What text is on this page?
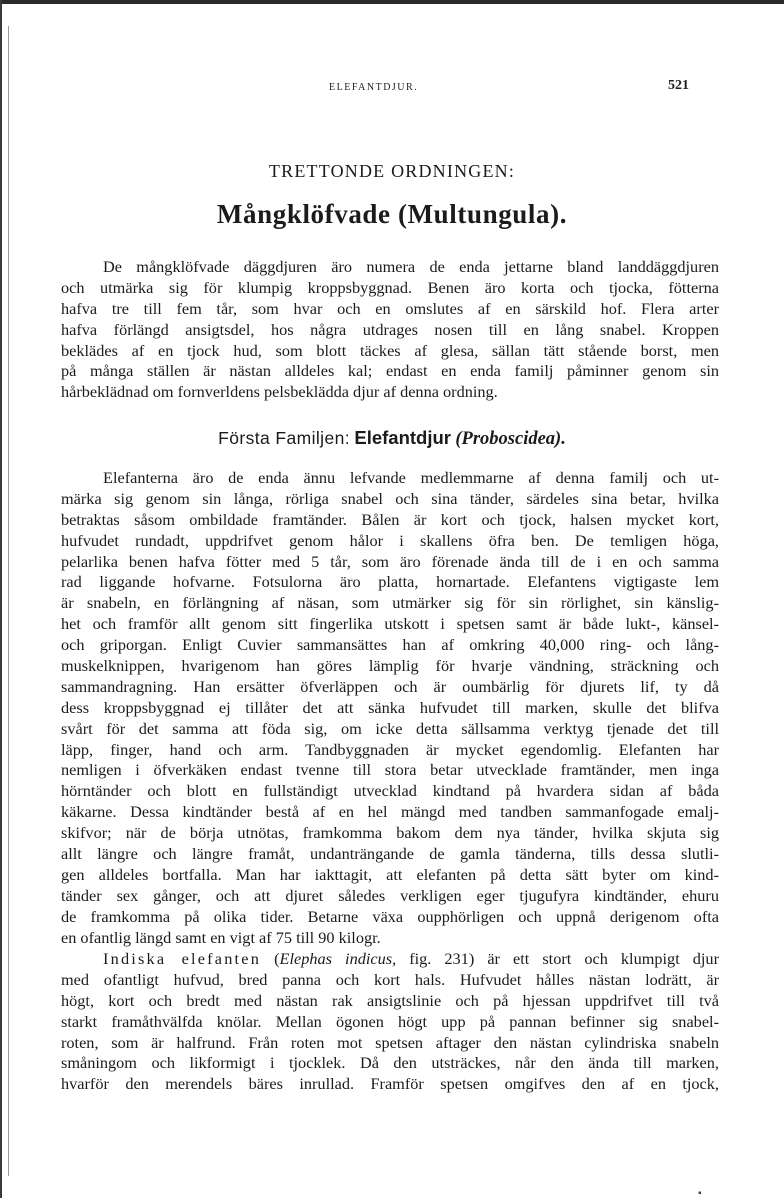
ELEFANTDJUR.	521
TRETTONDE ORDNINGEN:
Mångklöfvade (Multungula).
De mångklöfvade däggdjuren äro numera de enda jettarne bland landdäggdjuren
och utmärka sig för klumpig kroppsbyggnad. Benen äro korta och tjocka, fötterna
hafva tre till fem tår, som hvar och en omslutes af en särskild hof. Flera arter
hafva förlängd ansigtsdel, hos några utdrages nosen till en lång snabel. Kroppen
beklädes af en tjock hud, som blott täckes af glesa, sällan tätt stående borst, men
på många ställen är nästan alldeles kal; endast en enda familj påminner genom sin
hårbeklädnad om fornverldens pelsbeklädda djur af denna ordning.
Första Familjen: Elefantdjur (Proboscidea).
Elefanterna äro de enda ännu lefvande medlemmarne af denna familj och ut-
märka sig genom sin långa, rörliga snabel och sina tänder, särdeles sina betar, hvilka
betraktas såsom ombildade framtänder. Bålen är kort och tjock, halsen mycket kort,
hufvudet rundadt, uppdrifvet genom hålor i skallens öfra ben. De temligen höga,
pelarlika benen hafva fötter med 5 tår, som äro förenade ända till de i en och samma
rad liggande hofvarne. Fotsulorna äro platta, hornartade. Elefantens vigtigaste lem
är snabeln, en förlängning af näsan, som utmärker sig för sin rörlighet, sin känslig-
het och framför allt genom sitt fingerlika utskott i spetsen samt är både lukt-, känsel-
och griporgan. Enligt Cuvier sammansättes han af omkring 40,000 ring- och lång-
muskelknippen, hvarigenom han göres lämplig för hvarje vändning, sträckning och
sammandragning. Han ersätter öfverläppen och är oumbärlig för djurets lif, ty då
dess kroppsbyggnad ej tillåter det att sänka hufvudet till marken, skulle det blifva
svårt för det samma att föda sig, om icke detta sällsamma verktyg tjenade det till
läpp, finger, hand och arm. Tandbyggnaden är mycket egendomlig. Elefanten har
nemligen i öfverkäken endast tvenne till stora betar utvecklade framtänder, men inga
hörntänder och blott en fullständigt utvecklad kindtand på hvardera sidan af båda
käkarne. Dessa kindtänder bestå af en hel mängd med tandben sammanfogade emalj-
skifvor; när de börja utnötas, framkomma bakom dem nya tänder, hvilka skjuta sig
allt längre och längre framåt, undanträngande de gamla tänderna, tills dessa slutli-
gen alldeles bortfalla. Man har iakttagit, att elefanten på detta sätt byter om kind-
tänder sex gånger, och att djuret således verkligen eger tjugufyra kindtänder, ehuru
de framkomma på olika tider. Betarne växa oupphörligen och uppnå derigenom ofta
en ofantlig längd samt en vigt af 75 till 90 kilogr.
Indiska elefanten (Elephas indicus, fig. 231) är ett stort och klumpigt djur
med ofantligt hufvud, bred panna och kort hals. Hufvudet hålles nästan lodrätt, är
högt, kort och bredt med nästan rak ansigtslinie och på hjessan uppdrifvet till två
starkt framåthvälfda knölar. Mellan ögonen högt upp på pannan befinner sig snabel-
roten, som är halfrund. Från roten mot spetsen aftager den nästan cylindriska snabeln
småningom och likformigt i tjocklek. Då den utsträckes, når den ända till marken,
hvarför den merendels bäres inrullad. Framför spetsen omgifves den af en tjock,
▪
